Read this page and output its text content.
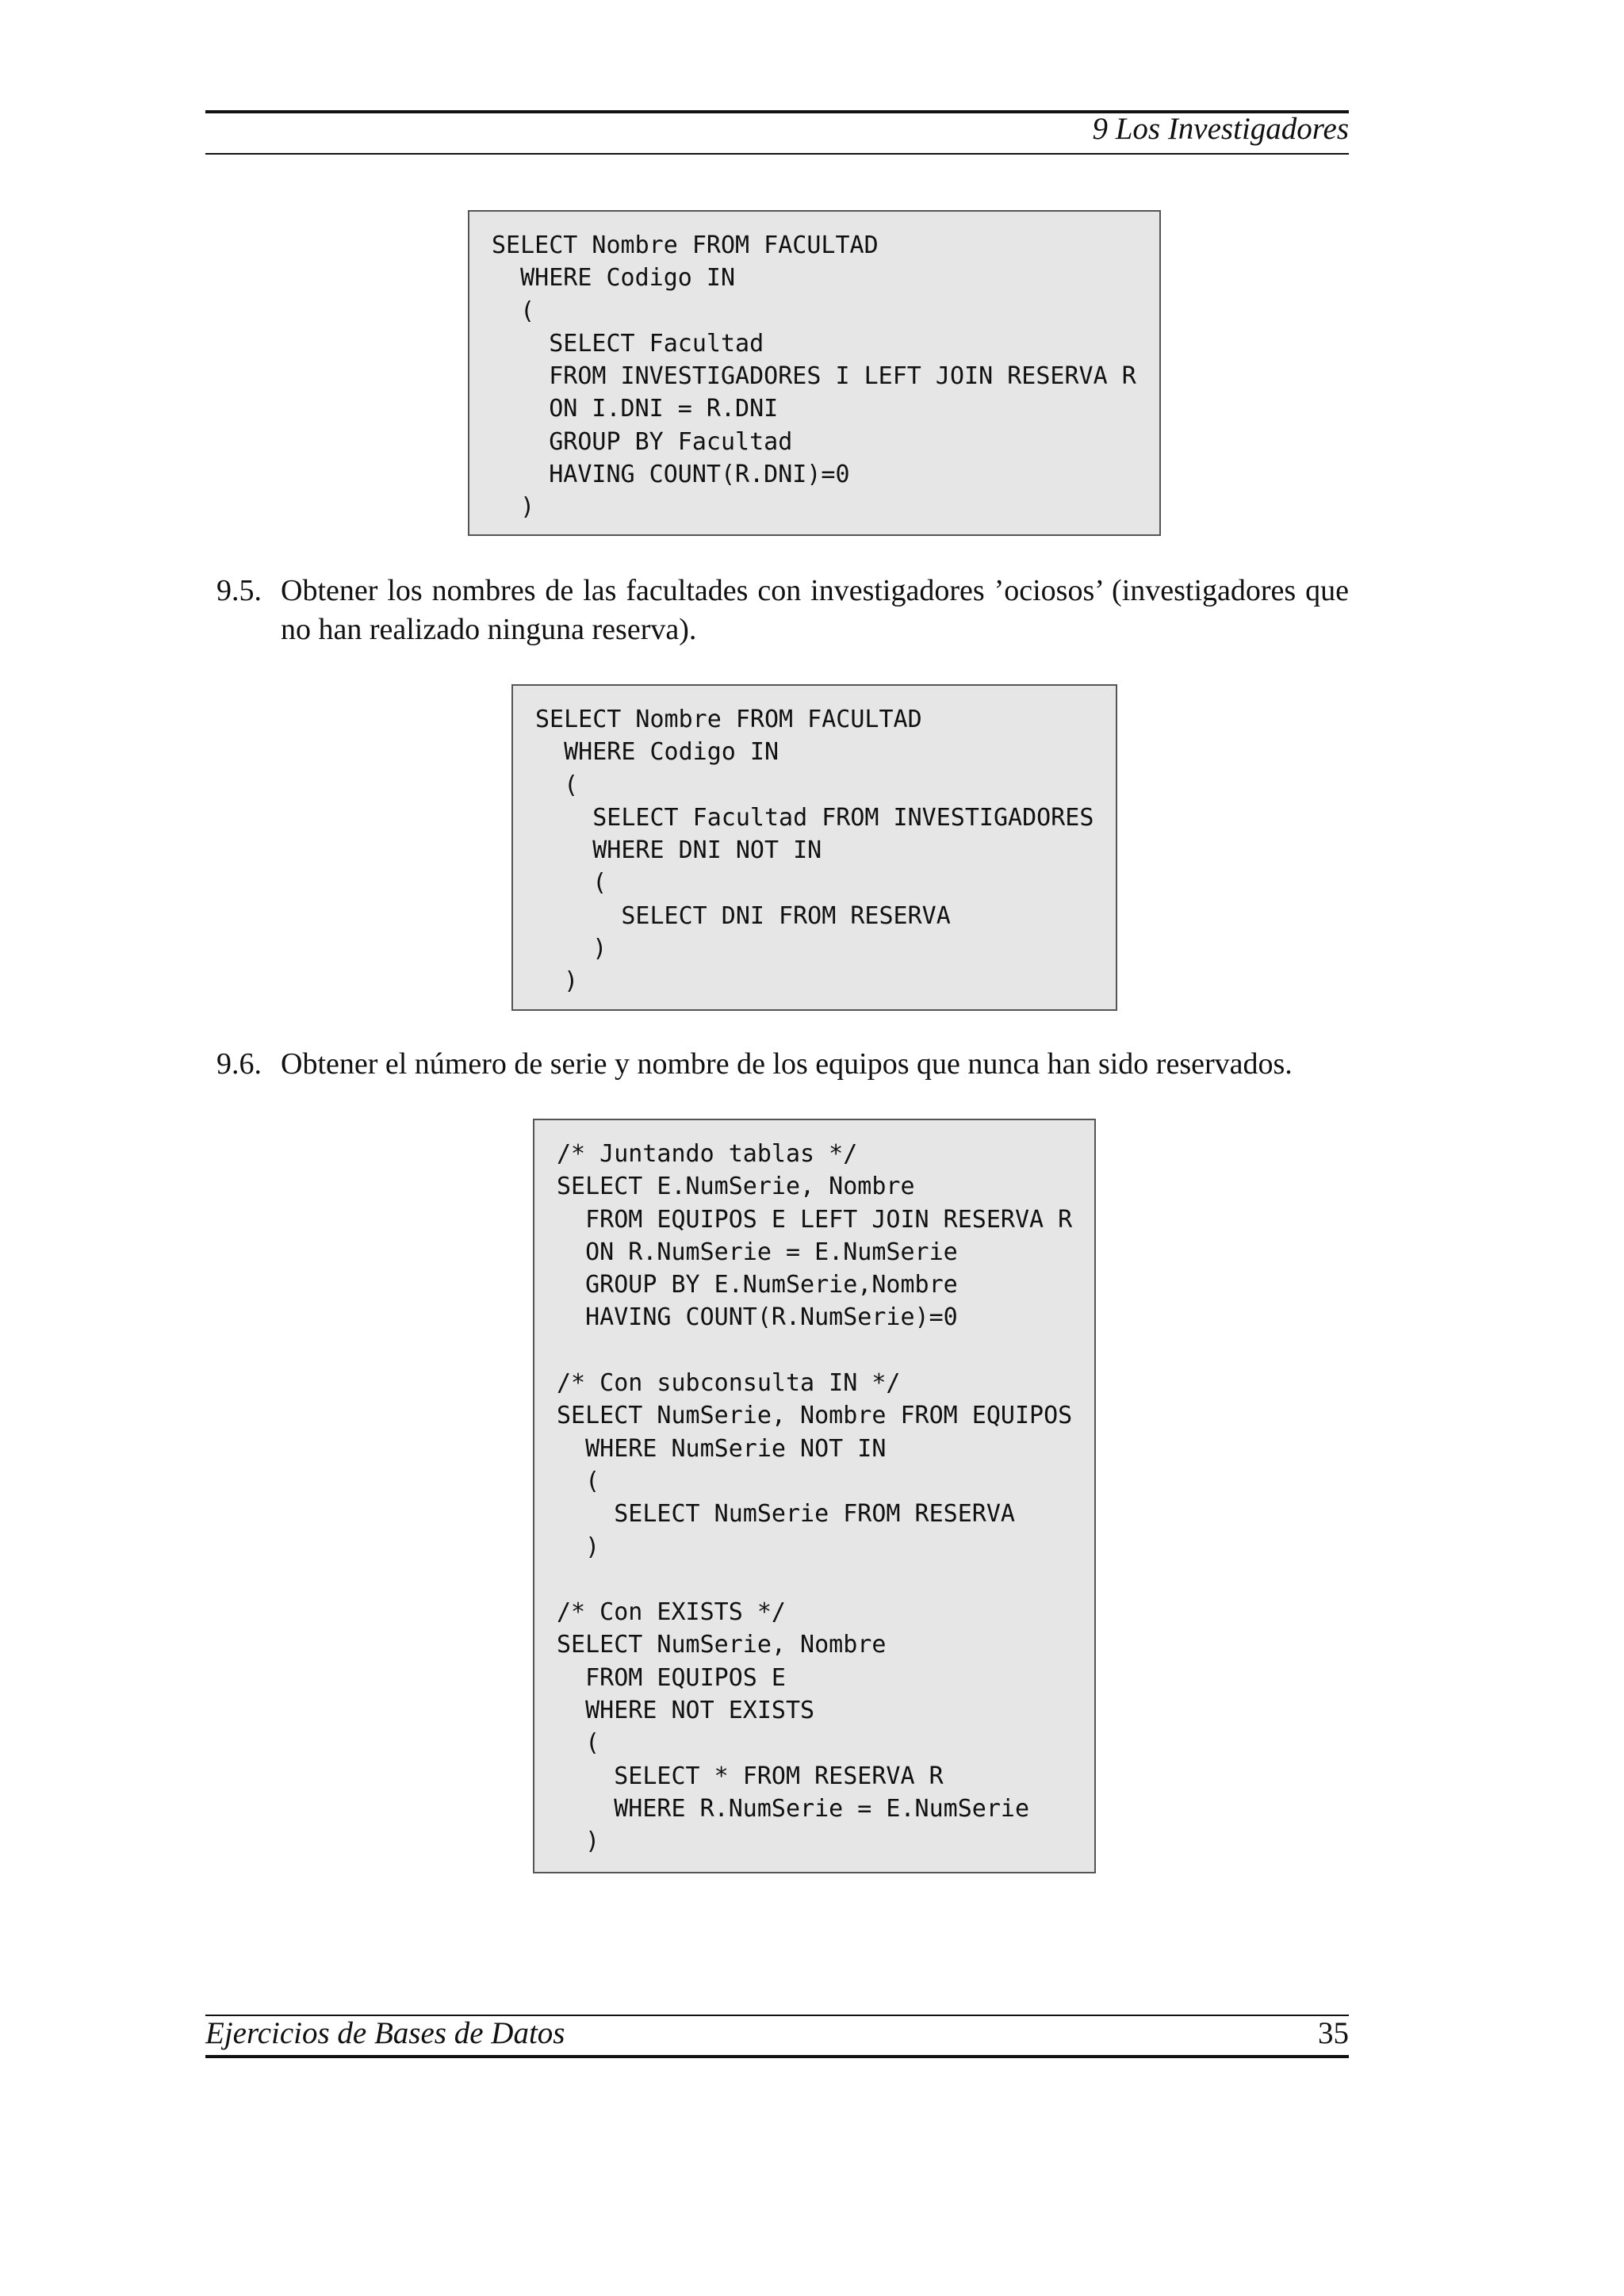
9 Los Investigadores
SELECT Nombre FROM FACULTAD
WHERE Codigo IN
(
SELECT Facultad
FROM INVESTIGADORES I LEFT JOIN RESERVA R
ON I.DNI = R.DNI
GROUP BY Facultad
HAVING COUNT(R.DNI)=0
)
9.5. Obtener los nombres de las facultades con investigadores ’ociosos’ (investigadores que no han realizado ninguna reserva).
SELECT Nombre FROM FACULTAD
WHERE Codigo IN
(
SELECT Facultad FROM INVESTIGADORES
WHERE DNI NOT IN
(
SELECT DNI FROM RESERVA
)
)
9.6. Obtener el número de serie y nombre de los equipos que nunca han sido reservados.
/* Juntando tablas */
SELECT E.NumSerie, Nombre
FROM EQUIPOS E LEFT JOIN RESERVA R
ON R.NumSerie = E.NumSerie
GROUP BY E.NumSerie,Nombre
HAVING COUNT(R.NumSerie)=0

/* Con subconsulta IN */
SELECT NumSerie, Nombre FROM EQUIPOS
WHERE NumSerie NOT IN
(
SELECT NumSerie FROM RESERVA
)

/* Con EXISTS */
SELECT NumSerie, Nombre
FROM EQUIPOS E
WHERE NOT EXISTS
(
SELECT * FROM RESERVA R
WHERE R.NumSerie = E.NumSerie
)
Ejercicios de Bases de Datos	35
